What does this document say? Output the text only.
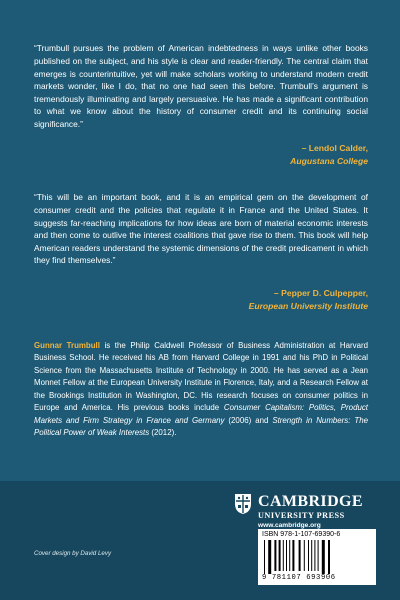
“Trumbull pursues the problem of American indebtedness in ways unlike other books published on the subject, and his style is clear and reader-friendly. The central claim that emerges is counterintuitive, yet will make scholars working to understand modern credit markets wonder, like I do, that no one had seen this before. Trumbull’s argument is tremendously illuminating and largely persuasive. He has made a significant contribution to what we know about the history of consumer credit and its continuing social significance.”

– Lendol Calder,
Augustana College

“This will be an important book, and it is an empirical gem on the development of consumer credit and the policies that regulate it in France and the United States. It suggests far-reaching implications for how ideas are born of material economic interests and then come to outlive the interest coalitions that gave rise to them. This book will help American readers understand the systemic dimensions of the credit predicament in which they find themselves.”

– Pepper D. Culpepper,
European University Institute

Gunnar Trumbull is the Philip Caldwell Professor of Business Administration at Harvard Business School. He received his AB from Harvard College in 1991 and his PhD in Political Science from the Massachusetts Institute of Technology in 2000. He has served as a Jean Monnet Fellow at the European University Institute in Florence, Italy, and a Research Fellow at the Brookings Institution in Washington, DC. His research focuses on consumer politics in Europe and America. His previous books include Consumer Capitalism: Politics, Product Markets and Firm Strategy in France and Germany (2006) and Strength in Numbers: The Political Power of Weak Interests (2012).

CAMBRIDGE
UNIVERSITY PRESS
www.cambridge.org
Cover design by David Levy
ISBN 978-1-107-69390-6
9 781107 693906
